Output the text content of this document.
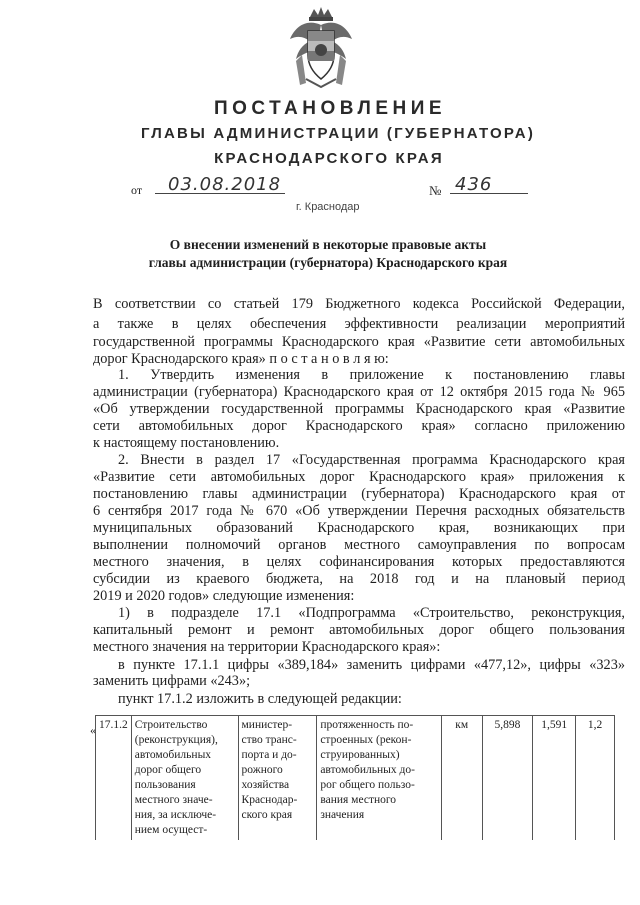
ПОСТАНОВЛЕНИЕ
ГЛАВЫ АДМИНИСТРАЦИИ (ГУБЕРНАТОРА)
КРАСНОДАРСКОГО КРАЯ
от 03.08.2018	№ 436
г. Краснодар
О внесении изменений в некоторые правовые акты
главы администрации (губернатора) Краснодарского края
В соответствии со статьей 179 Бюджетного кодекса Российской Федерации,
а также в целях обеспечения эффективности реализации мероприятий
государственной программы Краснодарского края «Развитие сети автомобильных
дорог Краснодарского края» п о с т а н о в л я ю:
1. Утвердить изменения в приложение к постановлению главы
администрации (губернатора) Краснодарского края от 12 октября 2015 года № 965
«Об утверждении государственной программы Краснодарского края «Развитие
сети автомобильных дорог Краснодарского края» согласно приложению
к настоящему постановлению.
2. Внести в раздел 17 «Государственная программа Краснодарского края
«Развитие сети автомобильных дорог Краснодарского края» приложения к
постановлению главы администрации (губернатора) Краснодарского края от
6 сентября 2017 года № 670 «Об утверждении Перечня расходных обязательств
муниципальных образований Краснодарского края, возникающих при
выполнении полномочий органов местного самоуправления по вопросам
местного значения, в целях софинансирования которых предоставляются
субсидии из краевого бюджета, на 2018 год и на плановый период
2019 и 2020 годов» следующие изменения:
1) в подразделе 17.1 «Подпрограмма «Строительство, реконструкция,
капитальный ремонт и ремонт автомобильных дорог общего пользования
местного значения на территории Краснодарского края»:
в пункте 17.1.1 цифры «389,184» заменить цифрами «477,12», цифры «323»
заменить цифрами «243»;
пункт 17.1.2 изложить в следующей редакции:
« 17.1.2	Строительство
(реконструкция),
автомобильных
дорог общего
пользования
местного значе-
ния, за исключе-
нием осущест-

министер-
ство транс-
порта и до-
рожного
хозяйства
Краснодар-
ского края

протяженность по-
строенных (рекон-
струированных)
автомобильных до-
рог общего пользо-
вания местного
значения
	км	5,898	1,591	1,2
